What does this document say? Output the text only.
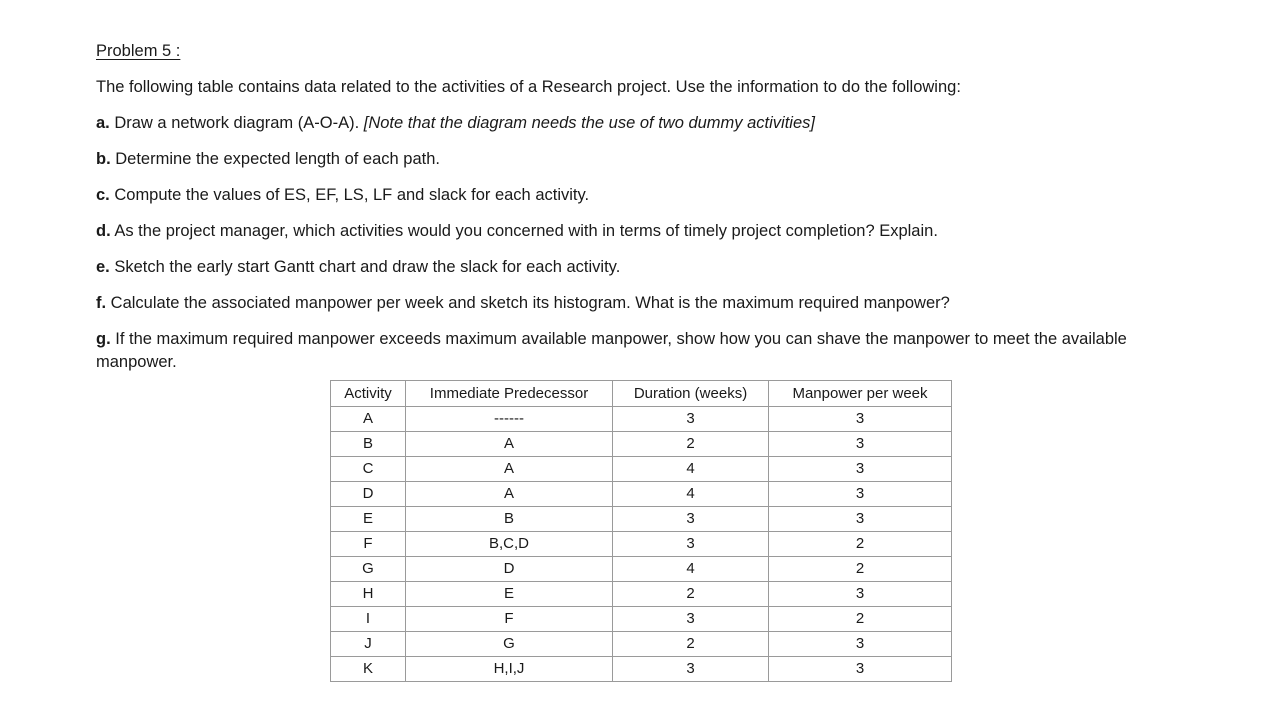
Problem 5 :

The following table contains data related to the activities of a Research project. Use the information to do the following:

a. Draw a network diagram (A-O-A). [Note that the diagram needs the use of two dummy activities]

b. Determine the expected length of each path.

c. Compute the values of ES, EF, LS, LF and slack for each activity.

d. As the project manager, which activities would you concerned with in terms of timely project completion? Explain.

e. Sketch the early start Gantt chart and draw the slack for each activity.

f. Calculate the associated manpower per week and sketch its histogram. What is the maximum required manpower?

g. If the maximum required manpower exceeds maximum available manpower, show how you can shave the manpower to meet the available manpower.

Activity	Immediate Predecessor	Duration (weeks)	Manpower per week
A	------	3	3
B	A	2	3
C	A	4	3
D	A	4	3
E	B	3	3
F	B,C,D	3	2
G	D	4	2
H	E	2	3
I	F	3	2
J	G	2	3
K	H,I,J	3	3
